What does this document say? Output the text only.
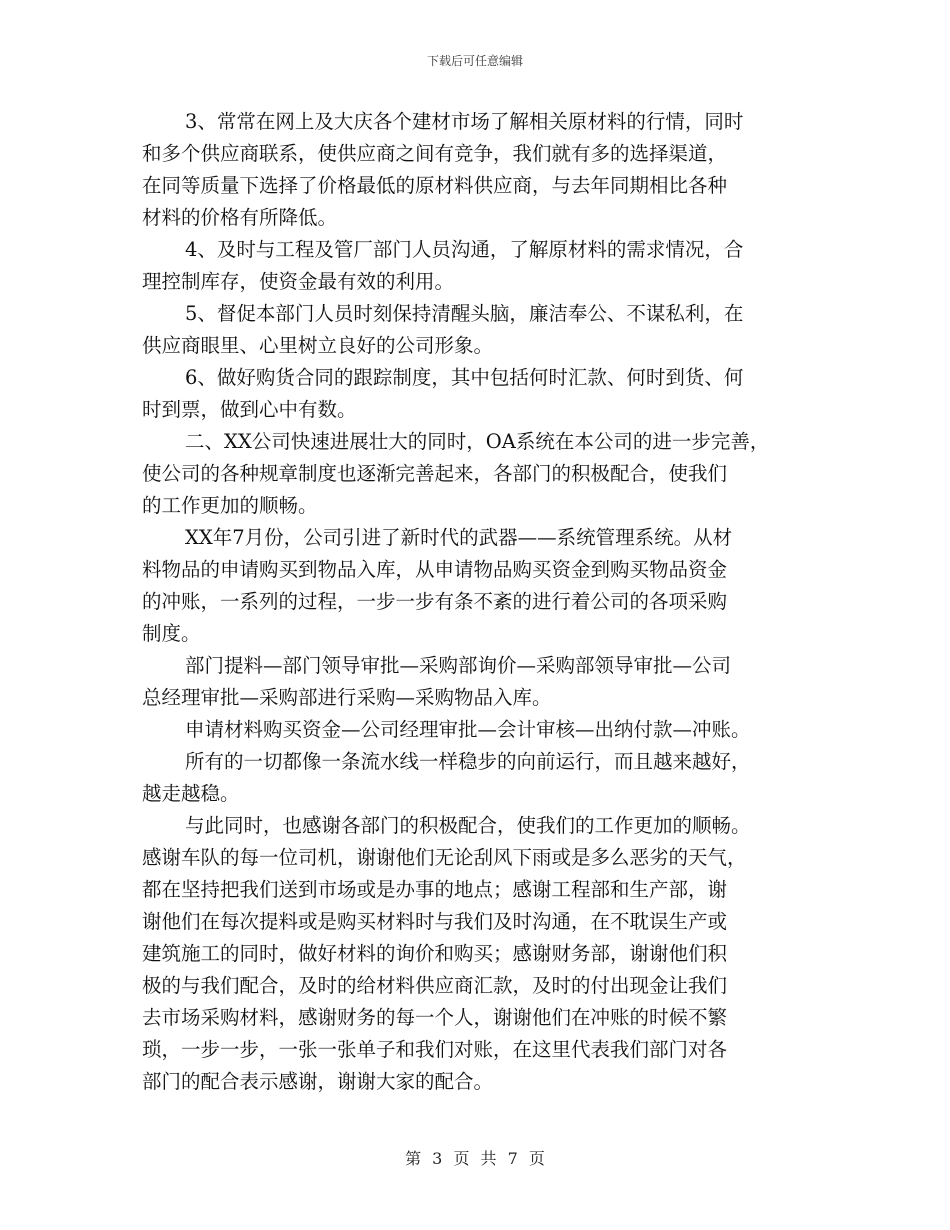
下载后可任意编辑
3、常常在网上及大庆各个建材市场了解相关原材料的行情，同时
和多个供应商联系，使供应商之间有竞争，我们就有多的选择渠道，
在同等质量下选择了价格最低的原材料供应商，与去年同期相比各种
材料的价格有所降低。
4、及时与工程及管厂部门人员沟通，了解原材料的需求情况，合
理控制库存，使资金最有效的利用。
5、督促本部门人员时刻保持清醒头脑，廉洁奉公、不谋私利，在
供应商眼里、心里树立良好的公司形象。
6、做好购货合同的跟踪制度，其中包括何时汇款、何时到货、何
时到票，做到心中有数。
二、XX公司快速进展壮大的同时，OA系统在本公司的进一步完善，
使公司的各种规章制度也逐渐完善起来，各部门的积极配合，使我们
的工作更加的顺畅。
XX年7月份，公司引进了新时代的武器——系统管理系统。从材
料物品的申请购买到物品入库，从申请物品购买资金到购买物品资金
的冲账，一系列的过程，一步一步有条不紊的进行着公司的各项采购
制度。
部门提料—部门领导审批—采购部询价—采购部领导审批—公司
总经理审批—采购部进行采购—采购物品入库。
申请材料购买资金—公司经理审批—会计审核—出纳付款—冲账。
所有的一切都像一条流水线一样稳步的向前运行，而且越来越好，
越走越稳。
与此同时，也感谢各部门的积极配合，使我们的工作更加的顺畅。
感谢车队的每一位司机，谢谢他们无论刮风下雨或是多么恶劣的天气，
都在坚持把我们送到市场或是办事的地点；感谢工程部和生产部，谢
谢他们在每次提料或是购买材料时与我们及时沟通，在不耽误生产或
建筑施工的同时，做好材料的询价和购买；感谢财务部，谢谢他们积
极的与我们配合，及时的给材料供应商汇款，及时的付出现金让我们
去市场采购材料，感谢财务的每一个人，谢谢他们在冲账的时候不繁
琐，一步一步，一张一张单子和我们对账，在这里代表我们部门对各
部门的配合表示感谢，谢谢大家的配合。
第 3 页 共 7 页
